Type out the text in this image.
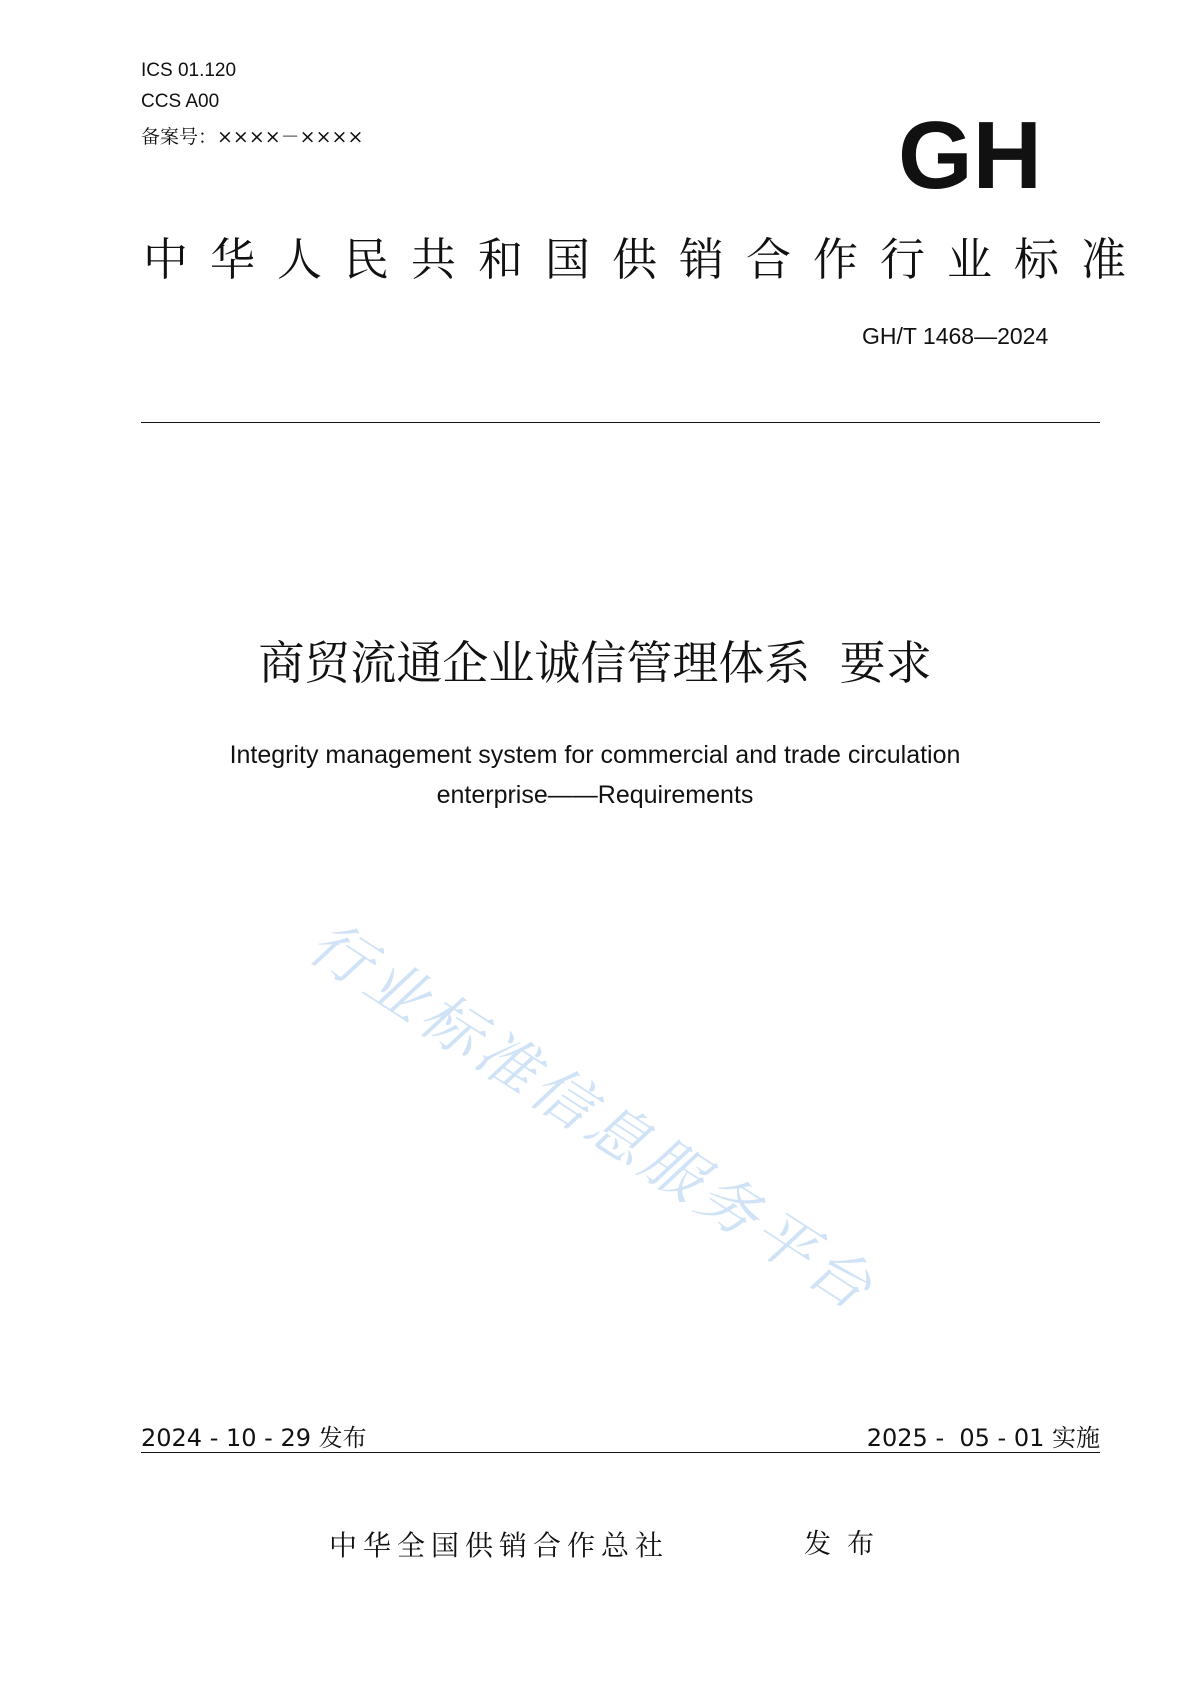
ICS 01.120
CCS A00
备案号：××××－××××	GH
中华人民共和国供销合作行业标准
GH/T 1468—2024
商贸流通企业诚信管理体系  要求
Integrity management system for commercial and trade circulation
enterprise——Requirements
行业标准信息服务平台
2024 - 10 - 29 发布	2025 -  05 - 01 实施
中华全国供销合作总社	发布
